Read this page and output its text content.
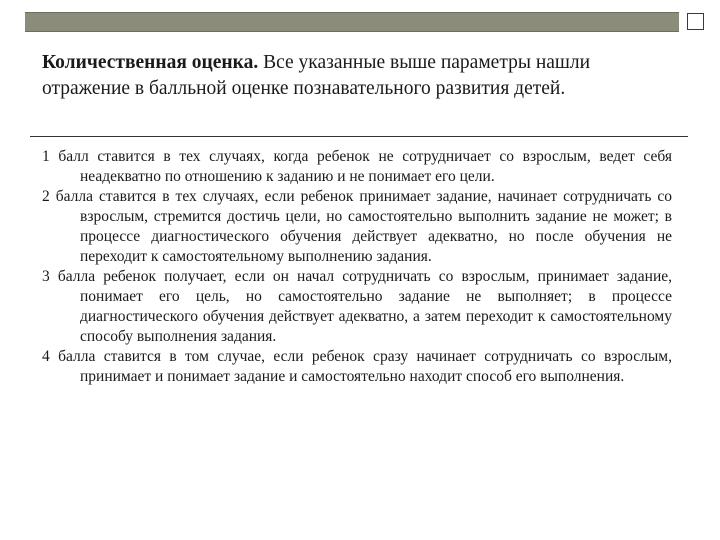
Количественная оценка. Все указанные выше параметры нашли отражение в балльной оценке познавательного развития детей.

1 балл ставится в тех случаях, когда ребенок не сотрудничает со взрослым, ведет себя неадекватно по отношению к заданию и не понимает его цели.

2 балла ставится в тех случаях, если ребенок принимает задание, начинает сотрудничать со взрослым, стремится достичь цели, но самостоятельно выполнить задание не может; в процессе диагностического обучения действует адекватно, но после обучения не переходит к самостоятельному выполнению задания.

3 балла ребенок получает, если он начал сотрудничать со взрослым, принимает задание, понимает его цель, но самостоятельно задание не выполняет; в процессе диагностического обучения действует адекватно, а затем переходит к самостоятельному способу выполнения задания.

4 балла ставится в том случае, если ребенок сразу начинает сотрудничать со взрослым, принимает и понимает задание и самостоятельно находит способ его выполнения.
